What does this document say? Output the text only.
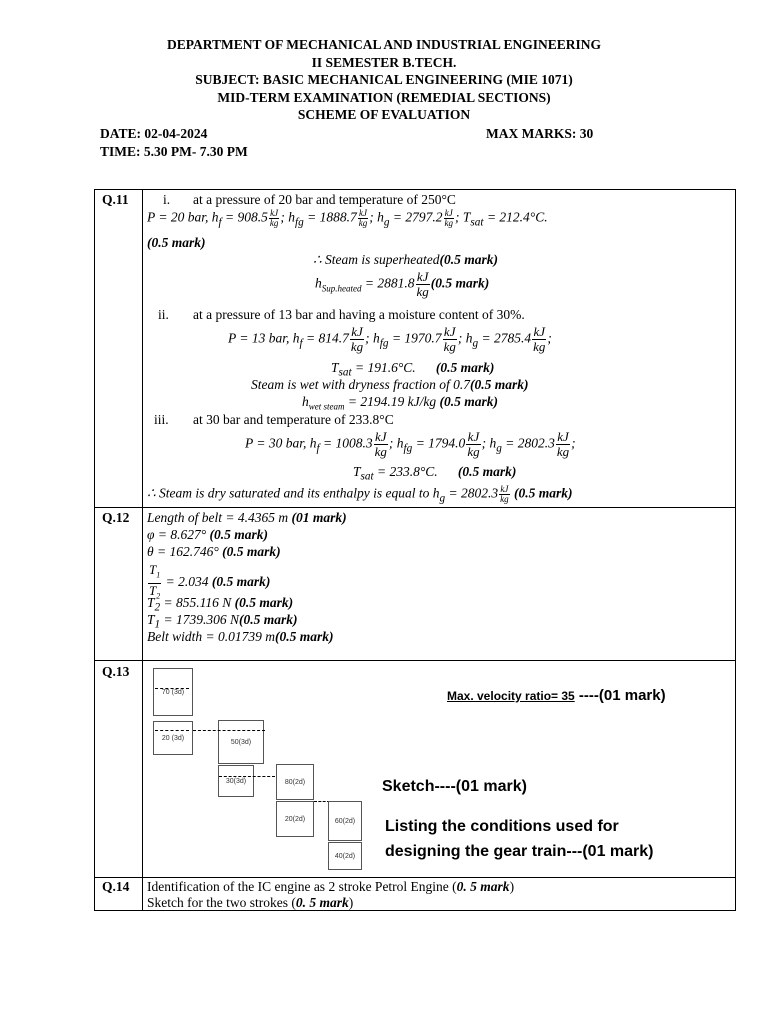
DEPARTMENT OF MECHANICAL AND INDUSTRIAL ENGINEERING
II SEMESTER B.TECH.
SUBJECT: BASIC MECHANICAL ENGINEERING (MIE 1071)
MID-TERM EXAMINATION (REMEDIAL SECTIONS)
SCHEME OF EVALUATION
DATE: 02-04-2024	MAX MARKS: 30
TIME: 5.30 PM- 7.30 PM
Q.11	i. at a pressure of 20 bar and temperature of 250°C
P = 20 bar, $h_f = 908.5 \frac{kJ}{kg}$ ; $h_{fg} = 1888.7 \frac{kJ}{kg}$ ; $h_g = 2797.2 \frac{kJ}{kg}$ ; $T_{sat} = 212.4^\circ C$.
(0.5 mark)
∴ Steam is superheated(0.5 mark)
$h_{Sup.heated} = 2881.8 \frac{kJ}{kg} (0.5$ mark)
ii. at a pressure of 13 bar and having a moisture content of 30%.
P = 13 bar, $h_f = 814.7 \frac{kJ}{kg}$ ; $h_{fg} = 1970.7 \frac{kJ}{kg}$ ; $h_g = 2785.4 \frac{kJ}{kg}$ ;
$T_{sat} = 191.6^\circ C$. (0.5 mark)
Steam is wet with dryness fraction of 0.7(0.5 mark)
$h_{wet steam} = 2194.19$ kJ/kg (0.5 mark)
iii. at 30 bar and temperature of 233.8°C
P = 30 bar, $h_f = 1008.3 \frac{kJ}{kg}$ ; $h_{fg} = 1794.0 \frac{kJ}{kg}$ ; $h_g = 2802.3 \frac{kJ}{kg}$ ;
$T_{sat} = 233.8^\circ C$. (0.5 mark)
∴ Steam is dry saturated and its enthalpy is equal to $h_g = 2802.3 \frac{kJ}{kg} (0.5$ mark)
Q.12 Length of belt = 4.4365 m (01 mark)
φ = 8.627° (0.5 mark)
θ = 162.746° (0.5 mark)
$\frac{T_1}{T_2} = 2.034$ (0.5 mark)
$T_2 = 855.116$ N (0.5 mark)
$T_1 = 1739.306$ N(0.5 mark)
Belt width = 0.01739 m(0.5 mark)
Q.13
70 (3d)
20 (3d)
50(3d)
30(3d)	80(2d)
20(2d)	60(2d)
40(2d)
Max. velocity ratio= 35 ----(01 mark)
Sketch----(01 mark)
Listing the conditions used for
designing the gear train---(01 mark)
Q.14 Identification of the IC engine as 2 stroke Petrol Engine (0. 5 mark)
Sketch for the two strokes (0. 5 mark)
